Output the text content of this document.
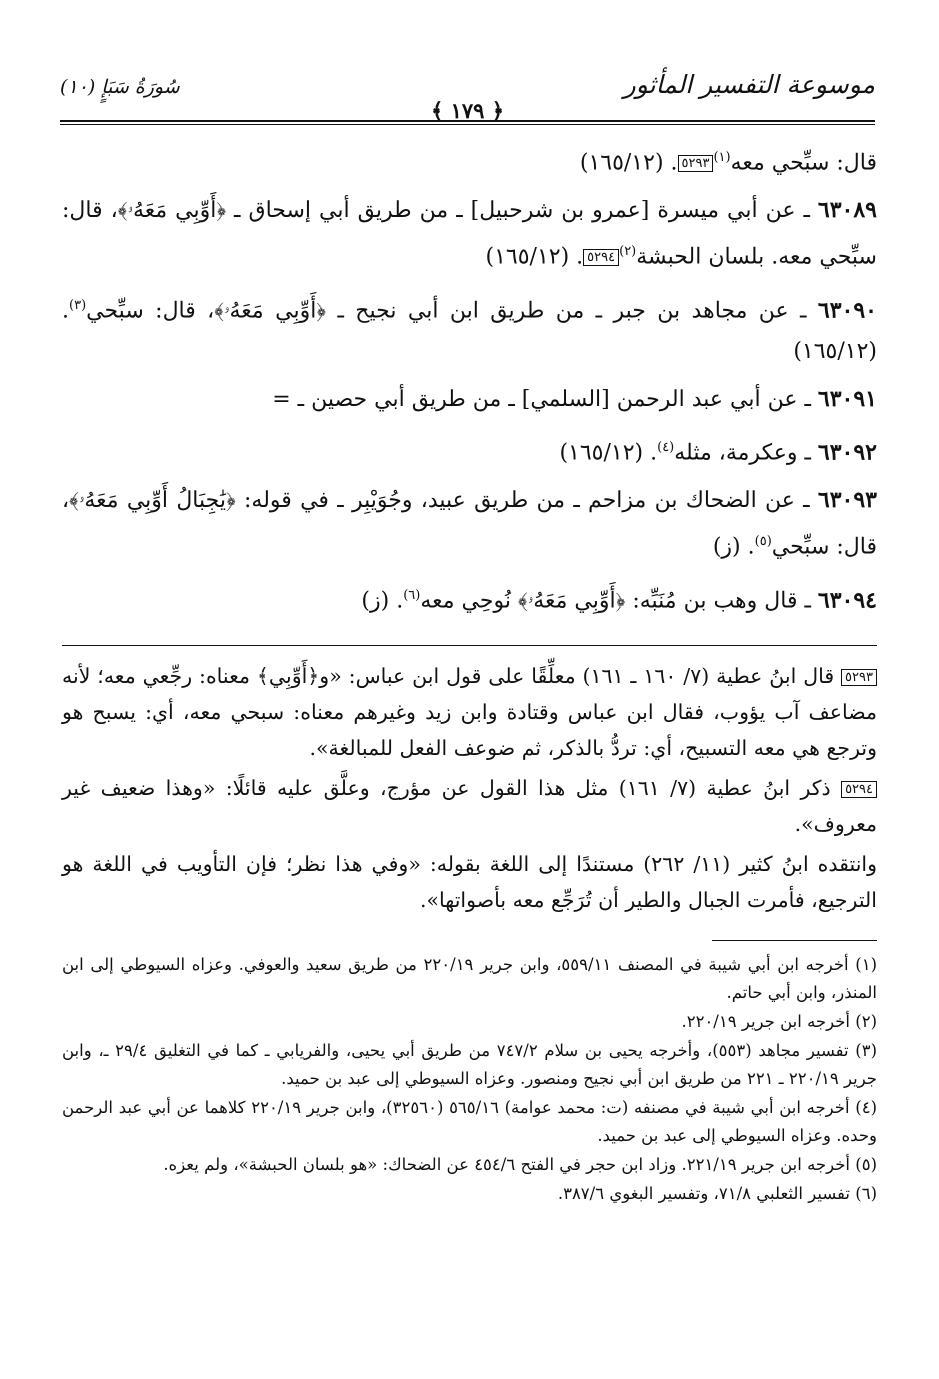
موسوعة التفسير المأثور
سُورَةُ سَبَإٍ (١٠)
﴾ ١٧٩ ﴿

قال: سبِّحي معه$^{(١)}$٥٢٩٣. (١٦٥/١٢)

٦٣٠٨٩ ـ عن أبي ميسرة [عمرو بن شرحبيل] ـ من طريق أبي إسحاق ـ ﴿أَوِّبِي مَعَهُۥ﴾، قال: سبِّحي معه. بلسان الحبشة$^{(٢)}$٥٢٩٤. (١٦٥/١٢)

٦٣٠٩٠ ـ عن مجاهد بن جبر ـ من طريق ابن أبي نجيح ـ ﴿أَوِّبِي مَعَهُۥ﴾، قال: سبِّحي$^{(٣)}$. (١٦٥/١٢)

٦٣٠٩١ ـ عن أبي عبد الرحمن [السلمي] ـ من طريق أبي حصين ـ =

٦٣٠٩٢ ـ وعكرمة، مثله$^{(٤)}$. (١٦٥/١٢)

٦٣٠٩٣ ـ عن الضحاك بن مزاحم ـ من طريق عبيد، وجُوَيْبِر ـ في قوله: ﴿يَٰجِبَالُ أَوِّبِي مَعَهُۥ﴾، قال: سبِّحي$^{(٥)}$. (ز)

٦٣٠٩٤ ـ قال وهب بن مُنَبِّه: ﴿أَوِّبِي مَعَهُۥ﴾ نُوحِي معه$^{(٦)}$. (ز)

٥٢٩٣ قال ابنُ عطية (٧/ ١٦٠ ـ ١٦١) معلِّقًا على قول ابن عباس: «و﴿أَوِّبِي﴾ معناه: رجِّعي معه؛ لأنه مضاعف آب يؤوب، فقال ابن عباس وقتادة وابن زيد وغيرهم معناه: سبحي معه، أي: يسبح هو وترجع هي معه التسبيح، أي: تردُّ بالذكر، ثم ضوعف الفعل للمبالغة».

٥٢٩٤ ذكر ابنُ عطية (٧/ ١٦١) مثل هذا القول عن مؤرج، وعلَّق عليه قائلًا: «وهذا ضعيف غير معروف».

وانتقده ابنُ كثير (١١/ ٢٦٢) مستندًا إلى اللغة بقوله: «وفي هذا نظر؛ فإن التأويب في اللغة هو الترجيع، فأمرت الجبال والطير أن تُرَجِّع معه بأصواتها».

(١) أخرجه ابن أبي شيبة في المصنف ٥٥٩/١١، وابن جرير ٢٢٠/١٩ من طريق سعيد والعوفي. وعزاه السيوطي إلى ابن المنذر، وابن أبي حاتم.

(٢) أخرجه ابن جرير ٢٢٠/١٩.

(٣) تفسير مجاهد (٥٥٣)، وأخرجه يحيى بن سلام ٧٤٧/٢ من طريق أبي يحيى، والفريابي ـ كما في التغليق ٢٩/٤ ـ، وابن جرير ٢٢٠/١٩ ـ ٢٢١ من طريق ابن أبي نجيح ومنصور. وعزاه السيوطي إلى عبد بن حميد.

(٤) أخرجه ابن أبي شيبة في مصنفه (ت: محمد عوامة) ٥٦٥/١٦ (٣٢٥٦٠)، وابن جرير ٢٢٠/١٩ كلاهما عن أبي عبد الرحمن وحده. وعزاه السيوطي إلى عبد بن حميد.

(٥) أخرجه ابن جرير ٢٢١/١٩. وزاد ابن حجر في الفتح ٤٥٤/٦ عن الضحاك: «هو بلسان الحبشة»، ولم يعزه.

(٦) تفسير الثعلبي ٧١/٨، وتفسير البغوي ٣٨٧/٦.
